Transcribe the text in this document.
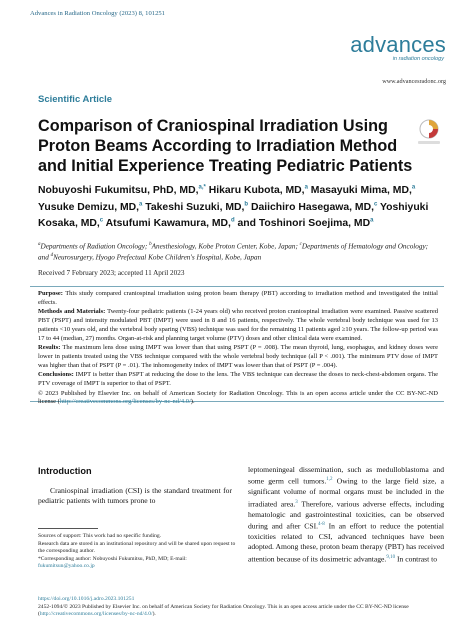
Advances in Radiation Oncology (2023) 8, 101251
advances
in radiation oncology
www.advancesradonc.org
Scientific Article
Comparison of Craniospinal Irradiation Using Proton Beams According to Irradiation Method and Initial Experience Treating Pediatric Patients
Nobuyoshi Fukumitsu, PhD, MD,$^{a,*}$ Hikaru Kubota, MD,$^a$ Masayuki Mima, MD,$^a$ Yusuke Demizu, MD,$^a$ Takeshi Suzuki, MD,$^b$ Daiichiro Hasegawa, MD,$^c$ Yoshiyuki Kosaka, MD,$^c$ Atsufumi Kawamura, MD,$^d$ and Toshinori Soejima, $MD^a$
$^a$Departments of Radiation Oncology; $^b$Anesthesiology, Kobe Proton Center, Kobe, Japan; $^c$Departments of Hematology and Oncology; and $^d$Neurosurgery, Hyogo Prefectual Kobe Children's Hospital, Kobe, Japan
Received 7 February 2023; accepted 11 April 2023

Purpose: This study compared craniospinal irradiation using proton beam therapy (PBT) according to irradiation method and investigated the initial effects.

Methods and Materials: Twenty-four pediatric patients (1-24 years old) who received proton craniospinal irradiation were examined. Passive scattered PBT (PSPT) and intensity modulated PBT (IMPT) were used in 8 and 16 patients, respectively. The whole vertebral body technique was used for 13 patients <10 years old, and the vertebral body sparing (VBS) technique was used for the remaining 11 patients aged ≥10 years. The follow-up period was 17 to 44 (median, 27) months. Organ-at-risk and planning target volume (PTV) doses and other clinical data were examined.

Results: The maximum lens dose using IMPT was lower than that using PSPT (P = .008). The mean thyroid, lung, esophagus, and kidney doses were lower in patients treated using the VBS technique compared with the whole vertebral body technique (all P < .001). The minimum PTV dose of IMPT was higher than that of PSPT (P = .01). The inhomogeneity index of IMPT was lower than that of PSPT (P = .004).

Conclusions: IMPT is better than PSPT at reducing the dose to the lens. The VBS technique can decrease the doses to neck-chest-abdomen organs. The PTV coverage of IMPT is superior to that of PSPT.

© 2023 Published by Elsevier Inc. on behalf of American Society for Radiation Oncology. This is an open access article under the CC BY-NC-ND license (http://creativecommons.org/licenses/by-nc-nd/4.0/).

Introduction

Craniospinal irradiation (CSI) is the standard treatment for pediatric patients with tumors prone to

leptomeningeal dissemination, such as medulloblastoma and some germ cell tumors.$^{1,2}$ Owing to the large field size, a significant volume of normal organs must be included in the irradiated area.$^3$ Therefore, various adverse effects, including hematologic and gastrointestinal toxicities, can be observed during and after CSI.$^{4-8}$ In an effort to reduce the potential toxicities related to CSI, advanced techniques have been adopted. Among these, proton beam therapy (PBT) has received attention because of its dosimetric advantage.$^{9,10}$ In contrast to

Sources of support: This work had no specific funding.

Research data are stored in an institutional repository and will be shared upon request to the corresponding author.

*Corresponding author: Nobuyoshi Fukumitsu, PhD, MD; E-mail:

fukumitsun@yahoo.co.jp

https://doi.org/10.1016/j.adro.2023.101251

2452-1094/© 2023 Published by Elsevier Inc. on behalf of American Society for Radiation Oncology. This is an open access article under the CC BY-NC-ND license (http://creativecommons.org/licenses/by-nc-nd/4.0/).
